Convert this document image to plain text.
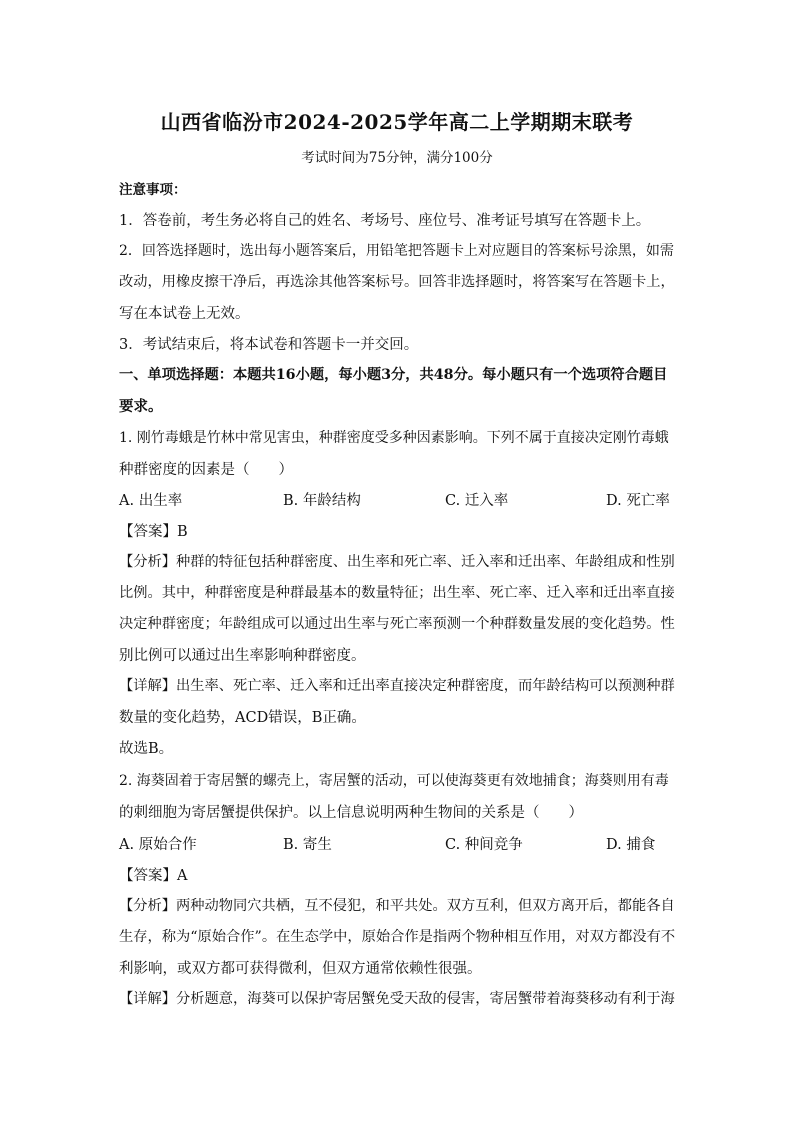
山西省临汾市2024-2025学年高二上学期期末联考
考试时间为75分钟，满分100分
注意事项：
1．答卷前，考生务必将自己的姓名、考场号、座位号、准考证号填写在答题卡上。
2．回答选择题时，选出每小题答案后，用铅笔把答题卡上对应题目的答案标号涂黑，如需
改动，用橡皮擦干净后，再选涂其他答案标号。回答非选择题时，将答案写在答题卡上，
写在本试卷上无效。
3．考试结束后，将本试卷和答题卡一并交回。
一、单项选择题：本题共16小题，每小题3分，共48分。每小题只有一个选项符合题目
要求。
1. 刚竹毒蛾是竹林中常见害虫，种群密度受多种因素影响。下列不属于直接决定刚竹毒蛾
种群密度的因素是（　　）
A. 出生率	B. 年龄结构	C. 迁入率	D. 死亡率
【答案】B
【分析】种群的特征包括种群密度、出生率和死亡率、迁入率和迁出率、年龄组成和性别
比例。其中，种群密度是种群最基本的数量特征；出生率、死亡率、迁入率和迁出率直接
决定种群密度；年龄组成可以通过出生率与死亡率预测一个种群数量发展的变化趋势。性
别比例可以通过出生率影响种群密度。
【详解】出生率、死亡率、迁入率和迁出率直接决定种群密度，而年龄结构可以预测种群
数量的变化趋势，ACD错误，B正确。
故选B。
2. 海葵固着于寄居蟹的螺壳上，寄居蟹的活动，可以使海葵更有效地捕食；海葵则用有毒
的刺细胞为寄居蟹提供保护。以上信息说明两种生物间的关系是（　　）
A. 原始合作	B. 寄生	C. 种间竞争	D. 捕食
【答案】A
【分析】两种动物同穴共栖，互不侵犯，和平共处。双方互利，但双方离开后，都能各自
生存，称为“原始合作”。在生态学中，原始合作是指两个物种相互作用，对双方都没有不
利影响，或双方都可获得微利，但双方通常依赖性很强。
【详解】分析题意，海葵可以保护寄居蟹免受天敌的侵害，寄居蟹带着海葵移动有利于海
